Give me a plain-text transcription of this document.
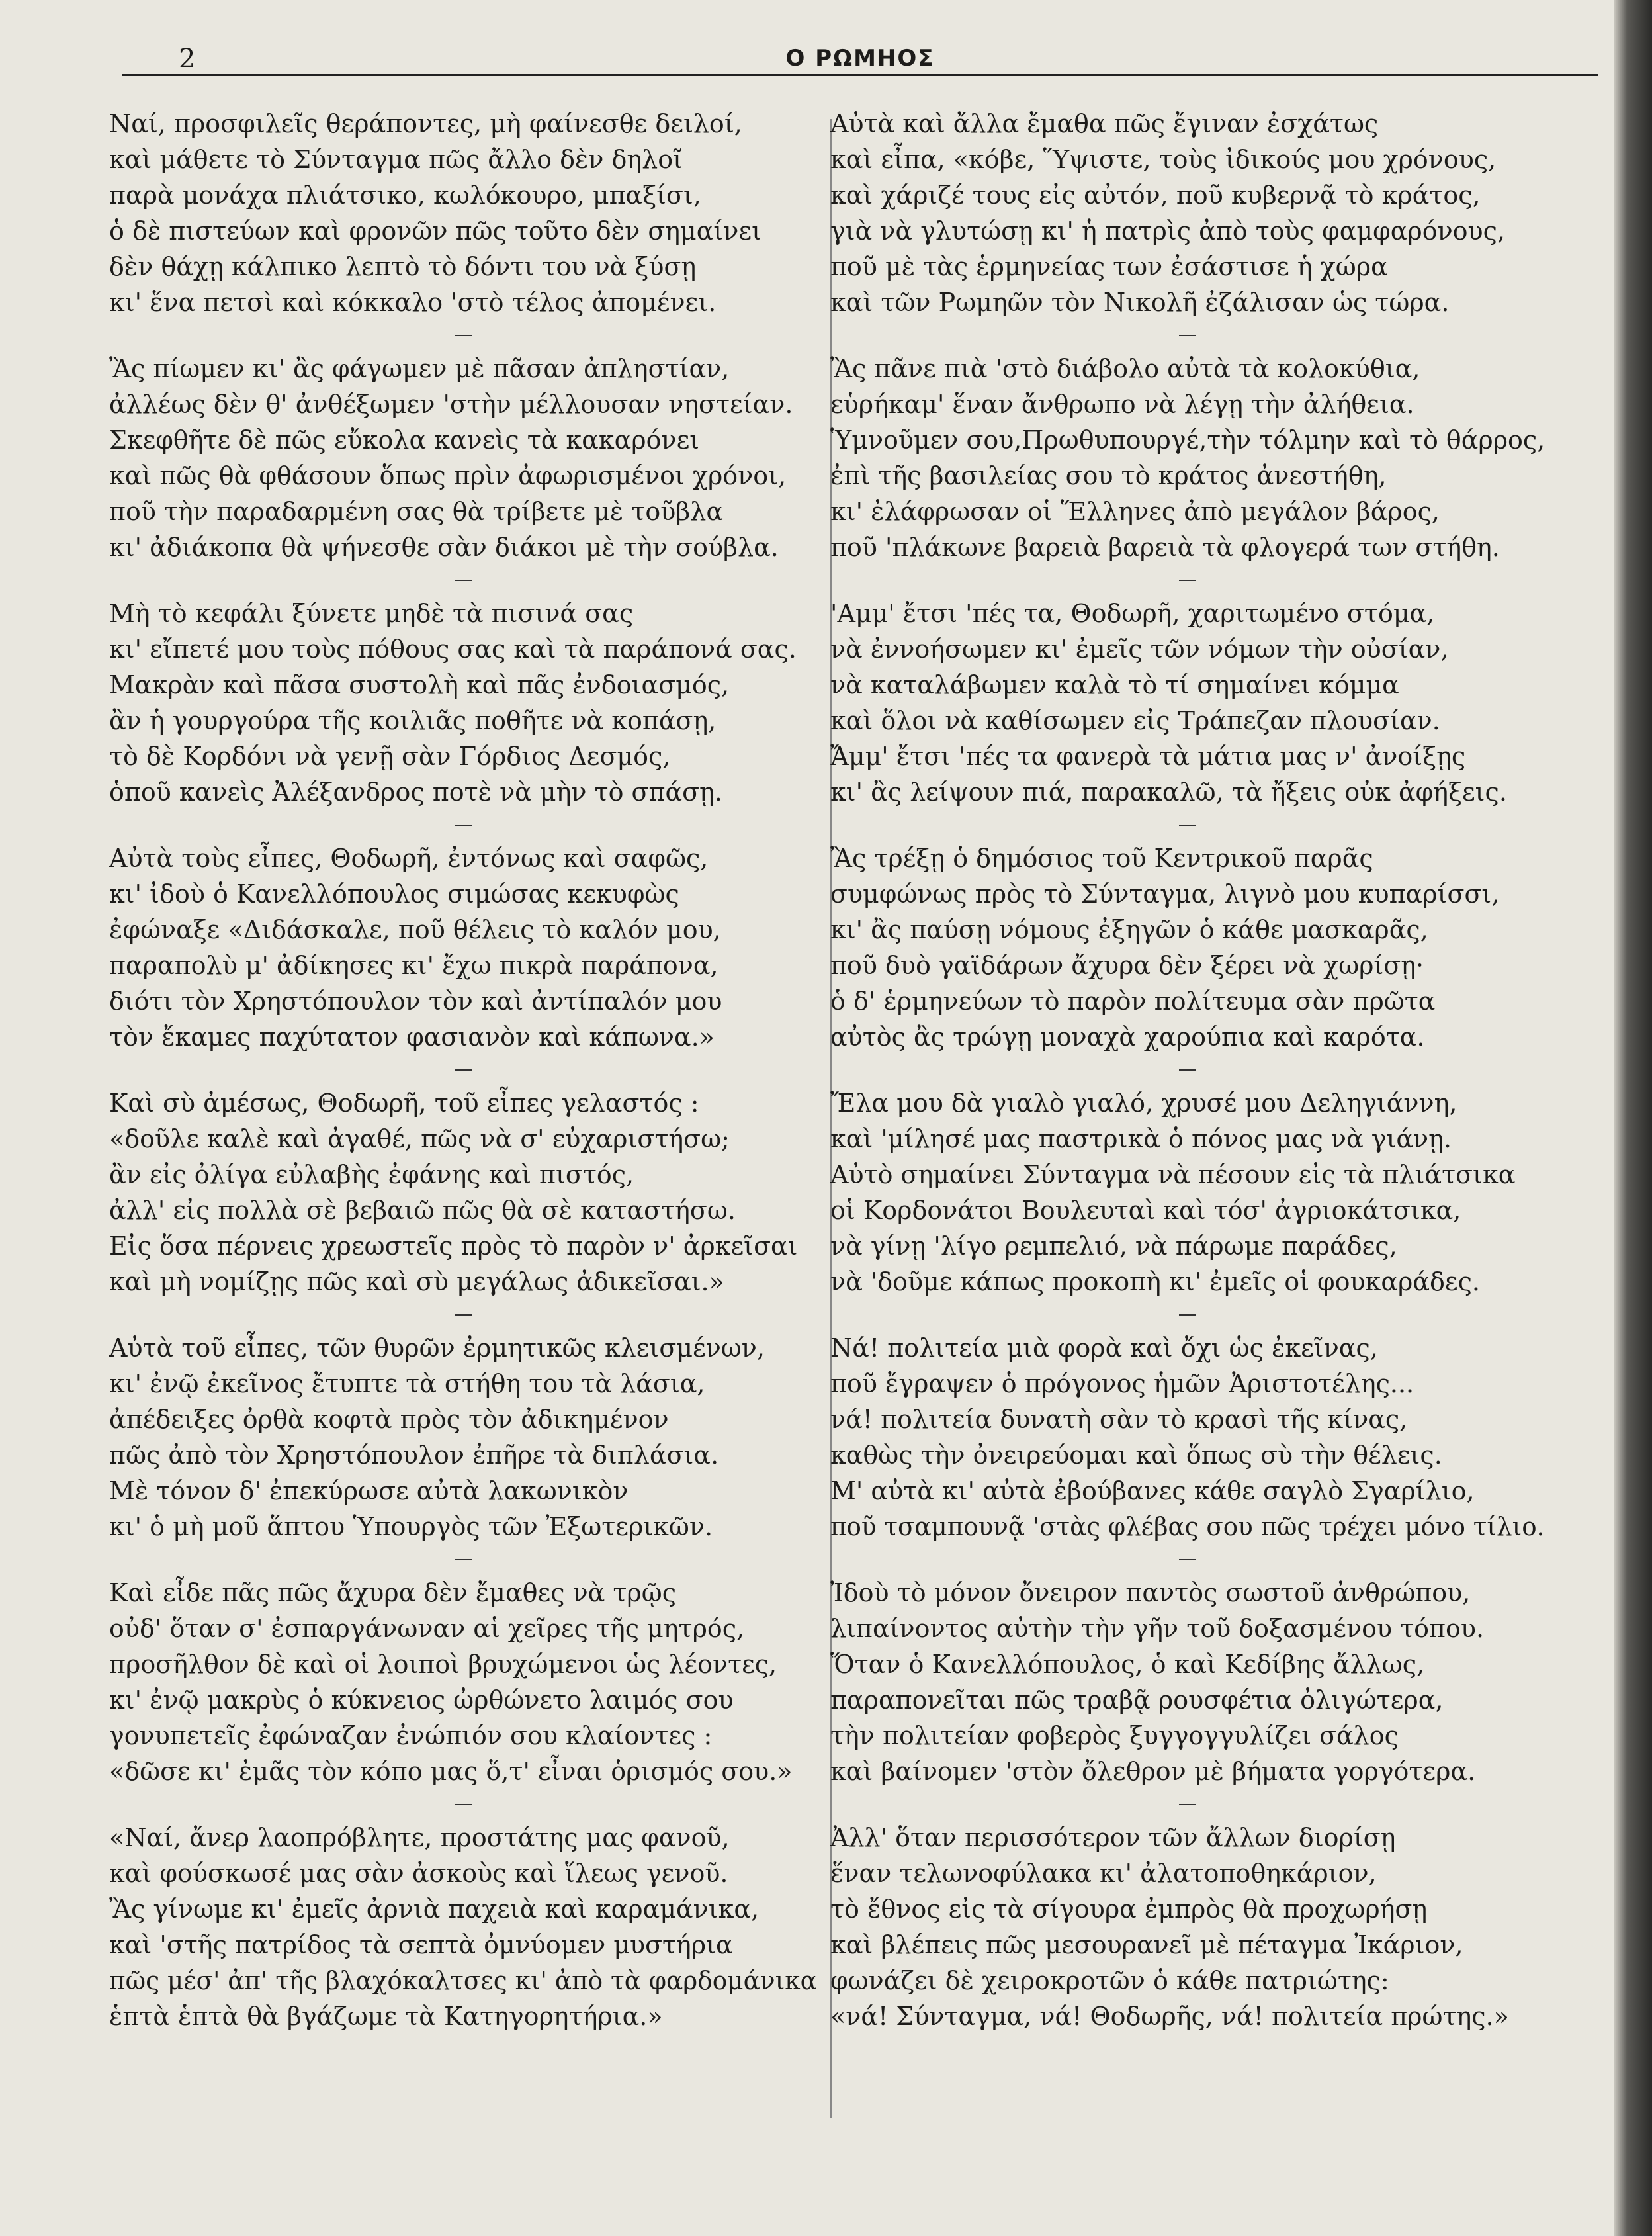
2	Ο ΡΩΜΗΟΣ
Ναί, προσφιλεῖς θεράποντες, μὴ φαίνεσθε δειλοί,
καὶ μάθετε τὸ Σύνταγμα πῶς ἄλλο δὲν δηλοῖ
παρὰ μονάχα πλιάτσικο, κωλόκουρο, μπαξίσι,
ὁ δὲ πιστεύων καὶ φρονῶν πῶς τοῦτο δὲν σημαίνει
δὲν θάχῃ κάλπικο λεπτὸ τὸ δόντι του νὰ ξύσῃ
κι' ἕνα πετσὶ καὶ κόκκαλο 'στὸ τέλος ἀπομένει.
Ἂς πίωμεν κι' ἂς φάγωμεν μὲ πᾶσαν ἀπληστίαν,
ἀλλέως δὲν θ' ἀνθέξωμεν 'στὴν μέλλουσαν νηστείαν.
Σκεφθῆτε δὲ πῶς εὔκολα κανεὶς τὰ κακαρόνει
καὶ πῶς θὰ φθάσουν ὅπως πρὶν ἀφωρισμένοι χρόνοι,
ποῦ τὴν παραδαρμένη σας θὰ τρίβετε μὲ τοῦβλα
κι' ἀδιάκοπα θὰ ψήνεσθε σὰν διάκοι μὲ τὴν σούβλα.
Μὴ τὸ κεφάλι ξύνετε μηδὲ τὰ πισινά σας
κι' εἴπετέ μου τοὺς πόθους σας καὶ τὰ παράπονά σας.
Μακρὰν καὶ πᾶσα συστολὴ καὶ πᾶς ἐνδοιασμός,
ἂν ἡ γουργούρα τῆς κοιλιᾶς ποθῆτε νὰ κοπάσῃ,
τὸ δὲ Κορδόνι νὰ γενῇ σὰν Γόρδιος Δεσμός,
ὁποῦ κανεὶς Ἀλέξανδρος ποτὲ νὰ μὴν τὸ σπάσῃ.
Αὐτὰ τοὺς εἶπες, Θοδωρῆ, ἐντόνως καὶ σαφῶς,
κι' ἰδοὺ ὁ Κανελλόπουλος σιμώσας κεκυφὼς
ἐφώναξε «Διδάσκαλε, ποῦ θέλεις τὸ καλόν μου,
παραπολὺ μ' ἀδίκησες κι' ἔχω πικρὰ παράπονα,
διότι τὸν Χρηστόπουλον τὸν καὶ ἀντίπαλόν μου
τὸν ἔκαμες παχύτατον φασιανὸν καὶ κάπωνα.»
Καὶ σὺ ἀμέσως, Θοδωρῆ, τοῦ εἶπες γελαστός :
«δοῦλε καλὲ καὶ ἀγαθέ, πῶς νὰ σ' εὐχαριστήσω;
ἂν εἰς ὀλίγα εὐλαβὴς ἐφάνης καὶ πιστός,
ἀλλ' εἰς πολλὰ σὲ βεβαιῶ πῶς θὰ σὲ καταστήσω.
Εἰς ὅσα πέρνεις χρεωστεῖς πρὸς τὸ παρὸν ν' ἀρκεῖσαι
καὶ μὴ νομίζῃς πῶς καὶ σὺ μεγάλως ἀδικεῖσαι.»
Αὐτὰ τοῦ εἶπες, τῶν θυρῶν ἐρμητικῶς κλεισμένων,
κι' ἐνῷ ἐκεῖνος ἔτυπτε τὰ στήθη του τὰ λάσια,
ἀπέδειξες ὀρθὰ κοφτὰ πρὸς τὸν ἀδικημένον
πῶς ἀπὸ τὸν Χρηστόπουλον ἐπῆρε τὰ διπλάσια.
Μὲ τόνον δ' ἐπεκύρωσε αὐτὰ λακωνικὸν
κι' ὁ μὴ μοῦ ἅπτου Ὑπουργὸς τῶν Ἐξωτερικῶν.
Καὶ εἶδε πᾶς πῶς ἄχυρα δὲν ἔμαθες νὰ τρῷς
οὐδ' ὅταν σ' ἐσπαργάνωναν αἱ χεῖρες τῆς μητρός,
προσῆλθον δὲ καὶ οἱ λοιποὶ βρυχώμενοι ὡς λέοντες,
κι' ἐνῷ μακρὺς ὁ κύκνειος ὠρθώνετο λαιμός σου
γονυπετεῖς ἐφώναζαν ἐνώπιόν σου κλαίοντες :
«δῶσε κι' ἐμᾶς τὸν κόπο μας ὅ,τ' εἶναι ὁρισμός σου.»
«Ναί, ἄνερ λαοπρόβλητε, προστάτης μας φανοῦ,
καὶ φούσκωσέ μας σὰν ἀσκοὺς καὶ ἵλεως γενοῦ.
Ἂς γίνωμε κι' ἐμεῖς ἀρνιὰ παχειὰ καὶ καραμάνικα,
καὶ 'στῆς πατρίδος τὰ σεπτὰ ὀμνύομεν μυστήρια
πῶς μέσ' ἀπ' τῆς βλαχόκαλτσες κι' ἀπὸ τὰ φαρδομάνικα
ἑπτὰ ἑπτὰ θὰ βγάζωμε τὰ Κατηγορητήρια.»
Αὐτὰ καὶ ἄλλα ἔμαθα πῶς ἔγιναν ἐσχάτως
καὶ εἶπα, «κόβε, Ὕψιστε, τοὺς ἰδικούς μου χρόνους,
καὶ χάριζέ τους εἰς αὐτόν, ποῦ κυβερνᾷ τὸ κράτος,
γιὰ νὰ γλυτώσῃ κι' ἡ πατρὶς ἀπὸ τοὺς φαμφαρόνους,
ποῦ μὲ τὰς ἑρμηνείας των ἐσάστισε ἡ χώρα
καὶ τῶν Ρωμηῶν τὸν Νικολῆ ἐζάλισαν ὡς τώρα.
Ἂς πᾶνε πιὰ 'στὸ διάβολο αὐτὰ τὰ κολοκύθια,
εὑρήκαμ' ἕναν ἄνθρωπο νὰ λέγῃ τὴν ἀλήθεια.
Ὑμνοῦμεν σου,Πρωθυπουργέ,τὴν τόλμην καὶ τὸ θάρρος,
ἐπὶ τῆς βασιλείας σου τὸ κράτος ἀνεστήθη,
κι' ἐλάφρωσαν οἱ Ἕλληνες ἀπὸ μεγάλον βάρος,
ποῦ 'πλάκωνε βαρειὰ βαρειὰ τὰ φλογερά των στήθη.
'Αμμ' ἔτσι 'πές τα, Θοδωρῆ, χαριτωμένο στόμα,
νὰ ἐννοήσωμεν κι' ἐμεῖς τῶν νόμων τὴν οὐσίαν,
νὰ καταλάβωμεν καλὰ τὸ τί σημαίνει κόμμα
καὶ ὅλοι νὰ καθίσωμεν εἰς Τράπεζαν πλουσίαν.
Ἄμμ' ἔτσι 'πές τα φανερὰ τὰ μάτια μας ν' ἀνοίξῃς
κι' ἂς λείψουν πιά, παρακαλῶ, τὰ ἤξεις οὐκ ἀφήξεις.
Ἂς τρέξῃ ὁ δημόσιος τοῦ Κεντρικοῦ παρᾶς
συμφώνως πρὸς τὸ Σύνταγμα, λιγνὸ μου κυπαρίσσι,
κι' ἂς παύσῃ νόμους ἐξηγῶν ὁ κάθε μασκαρᾶς,
ποῦ δυὸ γαϊδάρων ἄχυρα δὲν ξέρει νὰ χωρίσῃ·
ὁ δ' ἑρμηνεύων τὸ παρὸν πολίτευμα σὰν πρῶτα
αὐτὸς ἂς τρώγῃ μοναχὰ χαρούπια καὶ καρότα.
Ἔλα μου δὰ γιαλὸ γιαλό, χρυσέ μου Δεληγιάννη,
καὶ 'μίλησέ μας παστρικὰ ὁ πόνος μας νὰ γιάνῃ.
Αὐτὸ σημαίνει Σύνταγμα νὰ πέσουν εἰς τὰ πλιάτσικα
οἱ Κορδονάτοι Βουλευταὶ καὶ τόσ' ἀγριοκάτσικα,
νὰ γίνῃ 'λίγο ρεμπελιό, νὰ πάρωμε παράδες,
νὰ 'δοῦμε κάπως προκοπὴ κι' ἐμεῖς οἱ φουκαράδες.
Νά! πολιτεία μιὰ φορὰ καὶ ὄχι ὡς ἐκεῖνας,
ποῦ ἔγραψεν ὁ πρόγονος ἡμῶν Ἀριστοτέλης...
νά! πολιτεία δυνατὴ σὰν τὸ κρασὶ τῆς κίνας,
καθὼς τὴν ὀνειρεύομαι καὶ ὅπως σὺ τὴν θέλεις.
Μ' αὐτὰ κι' αὐτὰ ἐβούβανες κάθε σαγλὸ Σγαρίλιο,
ποῦ τσαμπουνᾷ 'στὰς φλέβας σου πῶς τρέχει μόνο τίλιο.
Ἰδοὺ τὸ μόνον ὄνειρον παντὸς σωστοῦ ἀνθρώπου,
λιπαίνοντος αὐτὴν τὴν γῆν τοῦ δοξασμένου τόπου.
Ὅταν ὁ Κανελλόπουλος, ὁ καὶ Κεδίβης ἄλλως,
παραπονεῖται πῶς τραβᾷ ρουσφέτια ὀλιγώτερα,
τὴν πολιτείαν φοβερὸς ξυγγογγυλίζει σάλος
καὶ βαίνομεν 'στὸν ὄλεθρον μὲ βήματα γοργότερα.
Ἀλλ' ὅταν περισσότερον τῶν ἄλλων διορίσῃ
ἕναν τελωνοφύλακα κι' ἀλατοποθηκάριον,
τὸ ἔθνος εἰς τὰ σίγουρα ἐμπρὸς θὰ προχωρήσῃ
καὶ βλέπεις πῶς μεσουρανεῖ μὲ πέταγμα Ἰκάριον,
φωνάζει δὲ χειροκροτῶν ὁ κάθε πατριώτης:
«νά! Σύνταγμα, νά! Θοδωρῆς, νά! πολιτεία πρώτης.»
